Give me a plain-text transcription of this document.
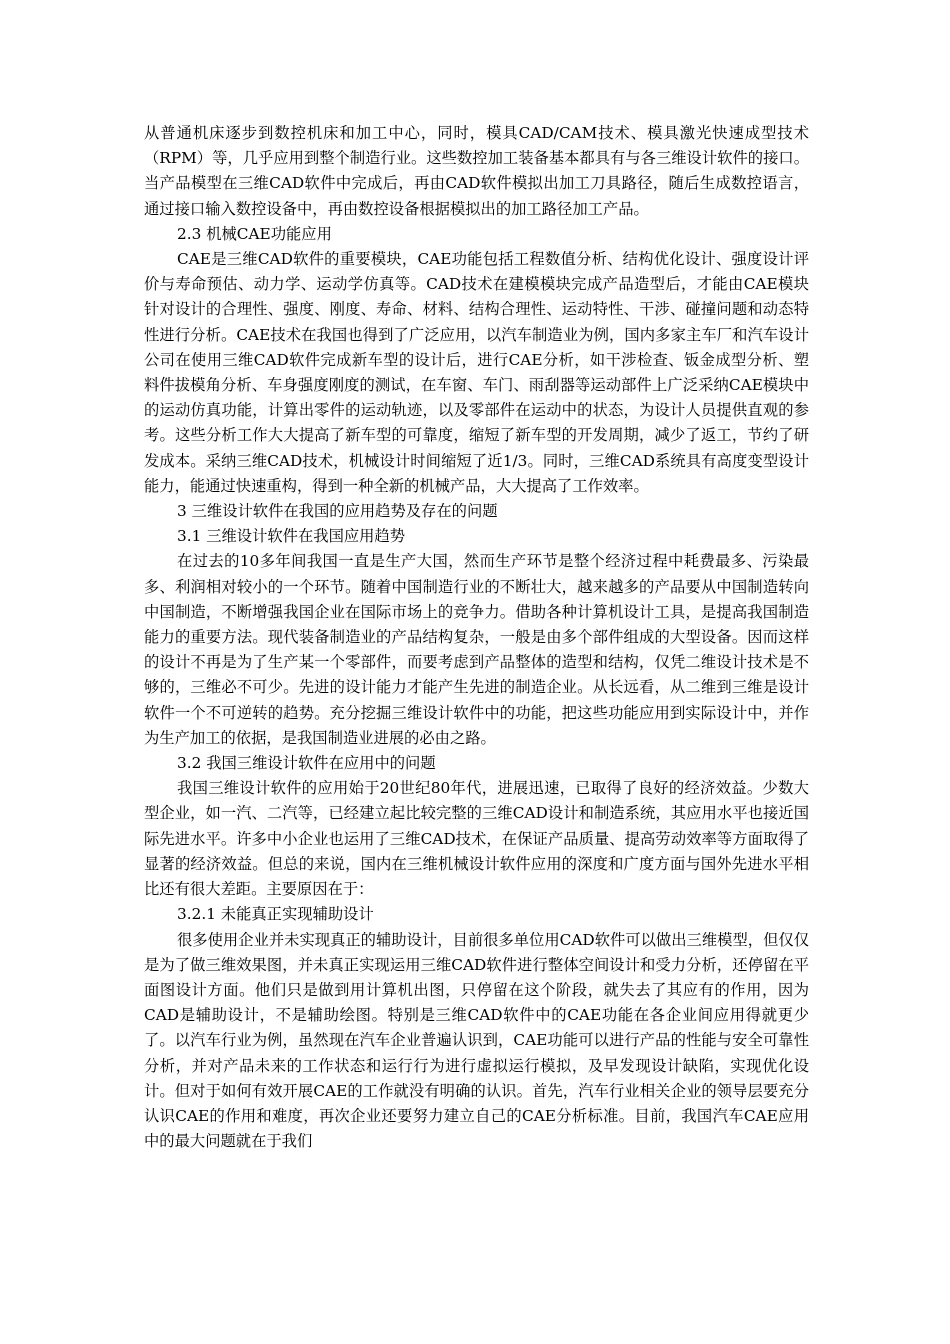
从普通机床逐步到数控机床和加工中心，同时，模具CAD/CAM技术、模具激光快速成型技术（RPM）等，几乎应用到整个制造行业。这些数控加工装备基本都具有与各三维设计软件的接口。当产品模型在三维CAD软件中完成后，再由CAD软件模拟出加工刀具路径，随后生成数控语言，通过接口输入数控设备中，再由数控设备根据模拟出的加工路径加工产品。

2.3 机械CAE功能应用

CAE是三维CAD软件的重要模块，CAE功能包括工程数值分析、结构优化设计、强度设计评价与寿命预估、动力学、运动学仿真等。CAD技术在建模模块完成产品造型后，才能由CAE模块针对设计的合理性、强度、刚度、寿命、材料、结构合理性、运动特性、干涉、碰撞问题和动态特性进行分析。CAE技术在我国也得到了广泛应用，以汽车制造业为例，国内多家主车厂和汽车设计公司在使用三维CAD软件完成新车型的设计后，进行CAE分析，如干涉检查、钣金成型分析、塑料件拔模角分析、车身强度刚度的测试，在车窗、车门、雨刮器等运动部件上广泛采纳CAE模块中的运动仿真功能，计算出零件的运动轨迹，以及零部件在运动中的状态，为设计人员提供直观的参考。这些分析工作大大提高了新车型的可靠度，缩短了新车型的开发周期，减少了返工，节约了研发成本。采纳三维CAD技术，机械设计时间缩短了近1/3。同时，三维CAD系统具有高度变型设计能力，能通过快速重构，得到一种全新的机械产品，大大提高了工作效率。

3 三维设计软件在我国的应用趋势及存在的问题
3.1 三维设计软件在我国应用趋势

在过去的10多年间我国一直是生产大国，然而生产环节是整个经济过程中耗费最多、污染最多、利润相对较小的一个环节。随着中国制造行业的不断壮大，越来越多的产品要从中国制造转向中国制造，不断增强我国企业在国际市场上的竞争力。借助各种计算机设计工具，是提高我国制造能力的重要方法。现代装备制造业的产品结构复杂，一般是由多个部件组成的大型设备。因而这样的设计不再是为了生产某一个零部件，而要考虑到产品整体的造型和结构，仅凭二维设计技术是不够的，三维必不可少。先进的设计能力才能产生先进的制造企业。从长远看，从二维到三维是设计软件一个不可逆转的趋势。充分挖掘三维设计软件中的功能，把这些功能应用到实际设计中，并作为生产加工的依据，是我国制造业进展的必由之路。

3.2 我国三维设计软件在应用中的问题

我国三维设计软件的应用始于20世纪80年代，进展迅速，已取得了良好的经济效益。少数大型企业，如一汽、二汽等，已经建立起比较完整的三维CAD设计和制造系统，其应用水平也接近国际先进水平。许多中小企业也运用了三维CAD技术，在保证产品质量、提高劳动效率等方面取得了显著的经济效益。但总的来说，国内在三维机械设计软件应用的深度和广度方面与国外先进水平相比还有很大差距。主要原因在于：

3.2.1 未能真正实现辅助设计

很多使用企业并未实现真正的辅助设计，目前很多单位用CAD软件可以做出三维模型，但仅仅是为了做三维效果图，并未真正实现运用三维CAD软件进行整体空间设计和受力分析，还停留在平面图设计方面。他们只是做到用计算机出图，只停留在这个阶段，就失去了其应有的作用，因为CAD是辅助设计，不是辅助绘图。特别是三维CAD软件中的CAE功能在各企业间应用得就更少了。以汽车行业为例，虽然现在汽车企业普遍认识到，CAE功能可以进行产品的性能与安全可靠性分析，并对产品未来的工作状态和运行行为进行虚拟运行模拟，及早发现设计缺陷，实现优化设计。但对于如何有效开展CAE的工作就没有明确的认识。首先，汽车行业相关企业的领导层要充分认识CAE的作用和难度，再次企业还要努力建立自己的CAE分析标准。目前，我国汽车CAE应用中的最大问题就在于我们
